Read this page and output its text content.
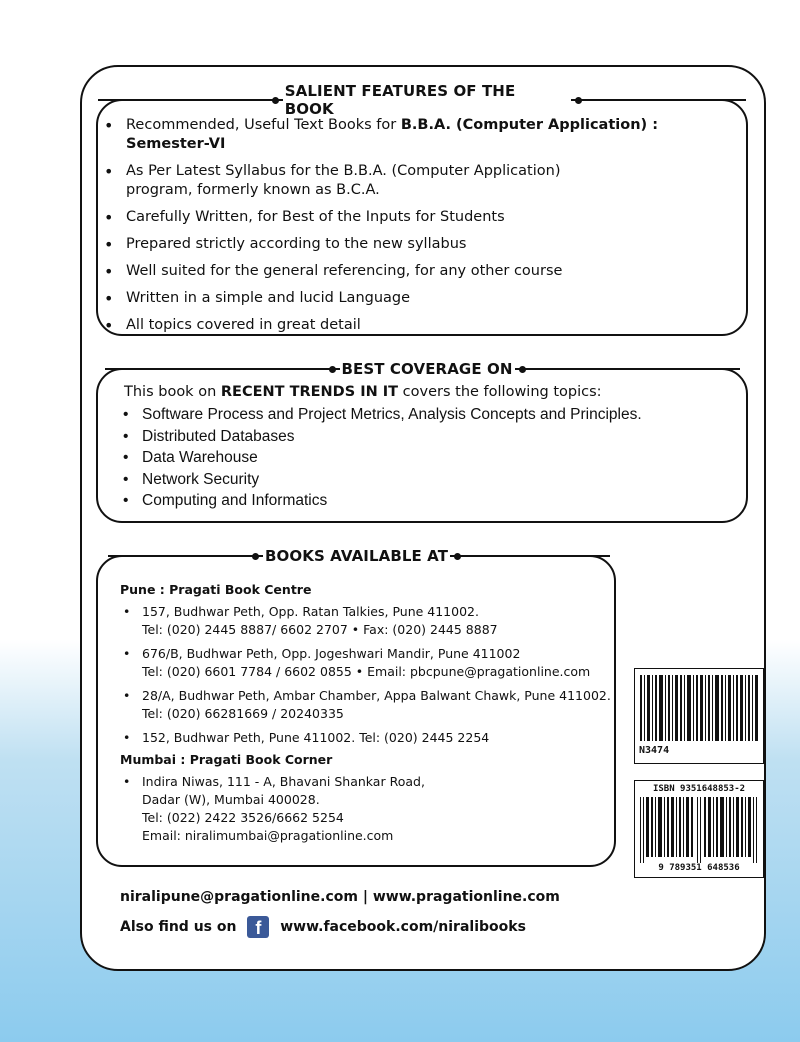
SALIENT FEATURES OF THE BOOK
• Recommended, Useful Text Books for B.B.A. (Computer Application) : Semester-VI
• As Per Latest Syllabus for the B.B.A. (Computer Application) program, formerly known as B.C.A.
• Carefully Written, for Best of the Inputs for Students
• Prepared strictly according to the new syllabus
• Well suited for the general referencing, for any other course
• Written in a simple and lucid Language
• All topics covered in great detail
BEST COVERAGE ON
This book on RECENT TRENDS IN IT covers the following topics:
• Software Process and Project Metrics, Analysis Concepts and Principles.
• Distributed Databases
• Data Warehouse
• Network Security
• Computing and Informatics
BOOKS AVAILABLE AT
Pune : Pragati Book Centre
• 157, Budhwar Peth, Opp. Ratan Talkies, Pune 411002.
Tel: (020) 2445 8887/ 6602 2707 • Fax: (020) 2445 8887
• 676/B, Budhwar Peth, Opp. Jogeshwari Mandir, Pune 411002
Tel: (020) 6601 7784 / 6602 0855 • Email: pbcpune@pragationline.com
• 28/A, Budhwar Peth, Ambar Chamber, Appa Balwant Chawk, Pune 411002.
Tel: (020) 66281669 / 20240335
• 152, Budhwar Peth, Pune 411002. Tel: (020) 2445 2254
Mumbai : Pragati Book Corner
• Indira Niwas, 111 - A, Bhavani Shankar Road,
Dadar (W), Mumbai 400028.
Tel: (022) 2422 3526/6662 5254
Email: niralimumbai@pragationline.com
N3474
ISBN 9351648853-2
9 789351 648536
niralipune@pragationline.com | www.pragationline.com
Also find us on f www.facebook.com/niralibooks
